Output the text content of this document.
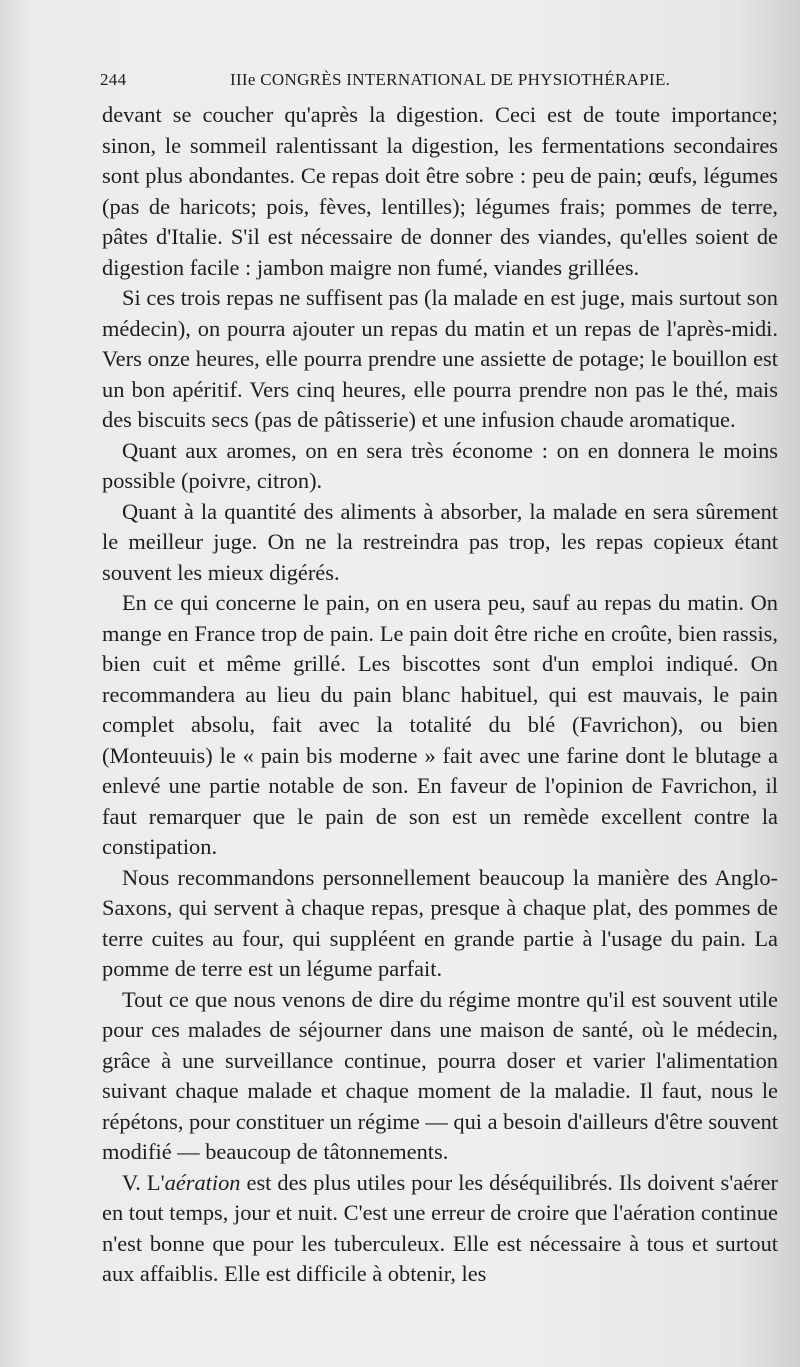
244	IIIe CONGRÈS INTERNATIONAL DE PHYSIOTHÉRAPIE.

devant se coucher qu'après la digestion. Ceci est de toute importance; sinon, le sommeil ralentissant la digestion, les fermentations secondaires sont plus abondantes. Ce repas doit être sobre : peu de pain; œufs, légumes (pas de haricots; pois, fèves, lentilles); légumes frais; pommes de terre, pâtes d'Italie. S'il est nécessaire de donner des viandes, qu'elles soient de digestion facile : jambon maigre non fumé, viandes grillées.

Si ces trois repas ne suffisent pas (la malade en est juge, mais surtout son médecin), on pourra ajouter un repas du matin et un repas de l'après-midi. Vers onze heures, elle pourra prendre une assiette de potage; le bouillon est un bon apéritif. Vers cinq heures, elle pourra prendre non pas le thé, mais des biscuits secs (pas de pâtisserie) et une infusion chaude aromatique.

Quant aux aromes, on en sera très économe : on en donnera le moins possible (poivre, citron).

Quant à la quantité des aliments à absorber, la malade en sera sûrement le meilleur juge. On ne la restreindra pas trop, les repas copieux étant souvent les mieux digérés.

En ce qui concerne le pain, on en usera peu, sauf au repas du matin. On mange en France trop de pain. Le pain doit être riche en croûte, bien rassis, bien cuit et même grillé. Les biscottes sont d'un emploi indiqué. On recommandera au lieu du pain blanc habituel, qui est mauvais, le pain complet absolu, fait avec la totalité du blé (Favrichon), ou bien (Monteuuis) le « pain bis moderne » fait avec une farine dont le blutage a enlevé une partie notable de son. En faveur de l'opinion de Favrichon, il faut remarquer que le pain de son est un remède excellent contre la constipation.

Nous recommandons personnellement beaucoup la manière des Anglo-Saxons, qui servent à chaque repas, presque à chaque plat, des pommes de terre cuites au four, qui suppléent en grande partie à l'usage du pain. La pomme de terre est un légume parfait.

Tout ce que nous venons de dire du régime montre qu'il est souvent utile pour ces malades de séjourner dans une maison de santé, où le médecin, grâce à une surveillance continue, pourra doser et varier l'alimentation suivant chaque malade et chaque moment de la maladie. Il faut, nous le répétons, pour constituer un régime — qui a besoin d'ailleurs d'être souvent modifié — beaucoup de tâtonnements.

V. L'aération est des plus utiles pour les déséquilibrés. Ils doivent s'aérer en tout temps, jour et nuit. C'est une erreur de croire que l'aération continue n'est bonne que pour les tuberculeux. Elle est nécessaire à tous et surtout aux affaiblis. Elle est difficile à obtenir, les
